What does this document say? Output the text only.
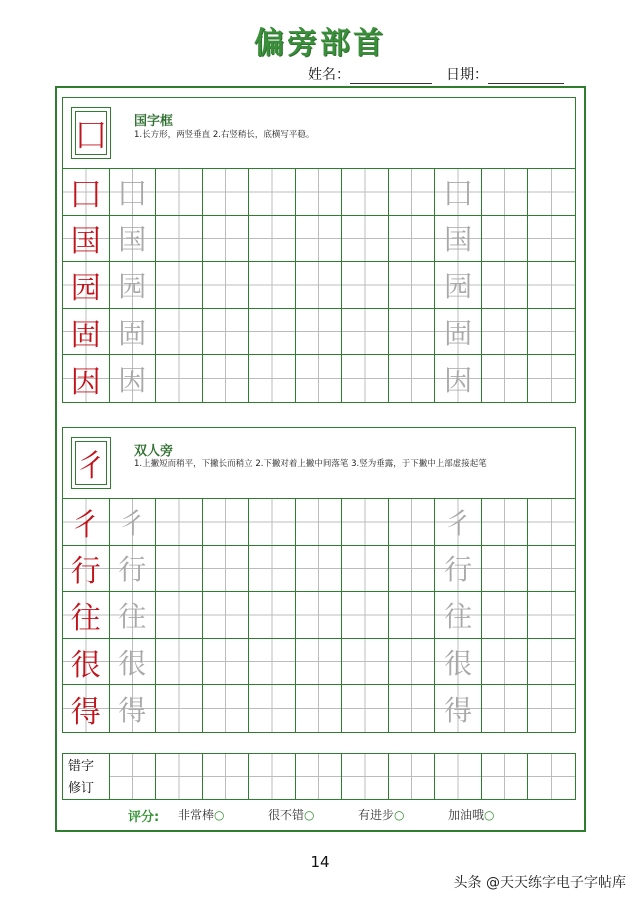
偏旁部首
姓名：	日期：
囗 国字框
1.长方形，两竖垂直 2.右竖稍长，底横写平稳。
囗 囗	囗
国 国	国
园 园	园
固 固	固
因 因	因
彳 双人旁
1.上撇短而稍平，下撇长而稍立 2.下撇对着上撇中间落笔 3.竖为垂露，于下撇中上部虚接起笔
彳 彳	彳
行 行	行
往 往	往
很 很	很
得 得	得
错字
修订
评分: 非常棒○	很不错○	有进步○	加油哦○
14
头条 @天天练字电子字帖库
